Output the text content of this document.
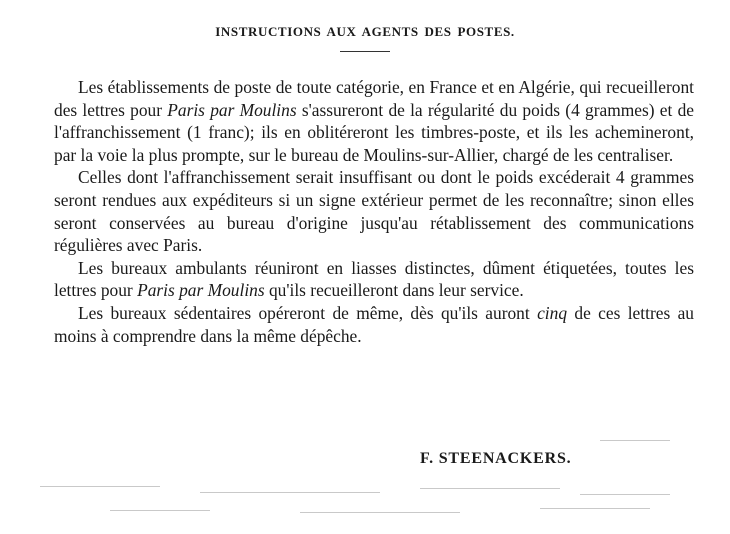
INSTRUCTIONS AUX AGENTS DES POSTES.

Les établissements de poste de toute catégorie, en France et en Algérie, qui recueilleront des lettres pour Paris par Moulins s'assureront de la régularité du poids (4 grammes) et de l'affranchissement (1 franc); ils en oblitéreront les timbres-poste, et ils les achemineront, par la voie la plus prompte, sur le bureau de Moulins-sur-Allier, chargé de les centraliser.

Celles dont l'affranchissement serait insuffisant ou dont le poids excéderait 4 grammes seront rendues aux expéditeurs si un signe extérieur permet de les reconnaître; sinon elles seront conservées au bureau d'origine jusqu'au rétablissement des communications régulières avec Paris.

Les bureaux ambulants réuniront en liasses distinctes, dûment étiquetées, toutes les lettres pour Paris par Moulins qu'ils recueilleront dans leur service.

Les bureaux sédentaires opéreront de même, dès qu'ils auront cinq de ces lettres au moins à comprendre dans la même dépêche.

F. STEENACKERS.
